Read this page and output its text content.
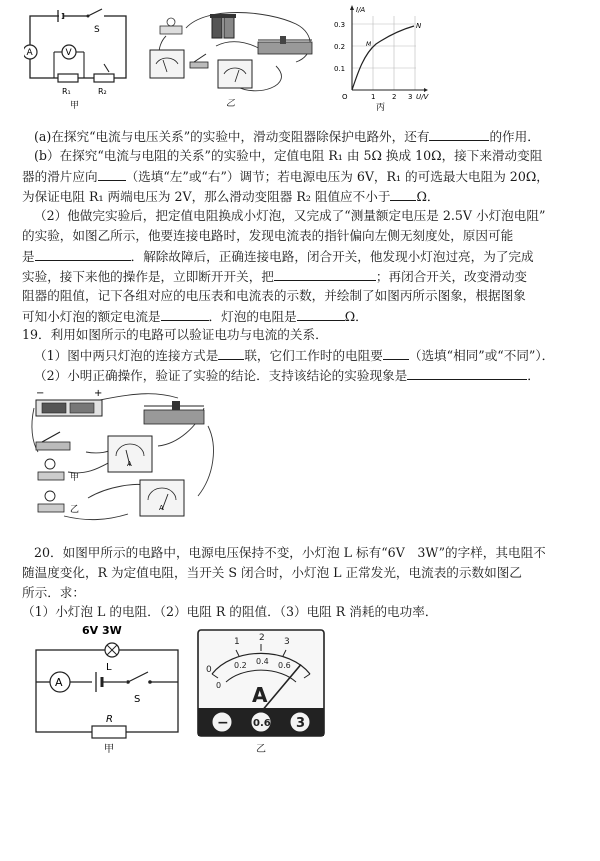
S
A	V
R₁	R₂
甲	乙
I/A
0.3
0.2
0.1
O	1 2 3 U/V
N
M
丙
(a)在探究“电流与电压关系”的实验中，滑动变阻器除保护电路外，还有	的作用．
(b）在探究“电流与电阻的关系”的实验中，定值电阻 R₁ 由 5Ω 换成 10Ω，接下来滑动变阻
器的滑片应向 （选填“左”或“右”）调节；若电源电压为 6V，R₁ 的可选最大电阻为 20Ω，
为保证电阻 R₁ 两端电压为 2V，那么滑动变阻器 R₂ 阻值应不小于 Ω．
（2）他做完实验后，把定值电阻换成小灯泡，又完成了“测量额定电压是 2.5V 小灯泡电阻”
的实验，如图乙所示，他要连接电路时，发现电流表的指针偏向左侧无刻度处，原因可能
是	．解除故障后，正确连接电路，闭合开关，他发现小灯泡过亮，为了完成
实验，接下来他的操作是，立即断开开关，把	；再闭合开关，改变滑动变
阻器的阻值，记下各组对应的电压表和电流表的示数，并绘制了如图丙所示图象，根据图象
可知小灯泡的额定电流是	．灯泡的电阻是	Ω．
19．利用如图所示的电路可以验证电功与电流的关系．
（1）图中两只灯泡的连接方式是 联，它们工作时的电阻要 （选填“相同”或“不同”）．
（2）小明正确操作，验证了实验的结论．支持该结论的实验现象是	．
−	+
甲
乙
A
A
20．如图甲所示的电路中，电源电压保持不变，小灯泡 L 标有“6V　3W”的字样，其电阻不
随温度变化，R 为定值电阻，当开关 S 闭合时，小灯泡 L 正常发光，电流表的示数如图乙
所示．求：
（1）小灯泡 L 的电阻．（2）电阻 R 的阻值．（3）电阻 R 消耗的电功率．
6V 3W
A
L
S
R
甲
0
1 2 3
0
0.2 0.4 0.6
A
− 0.6 3
乙
